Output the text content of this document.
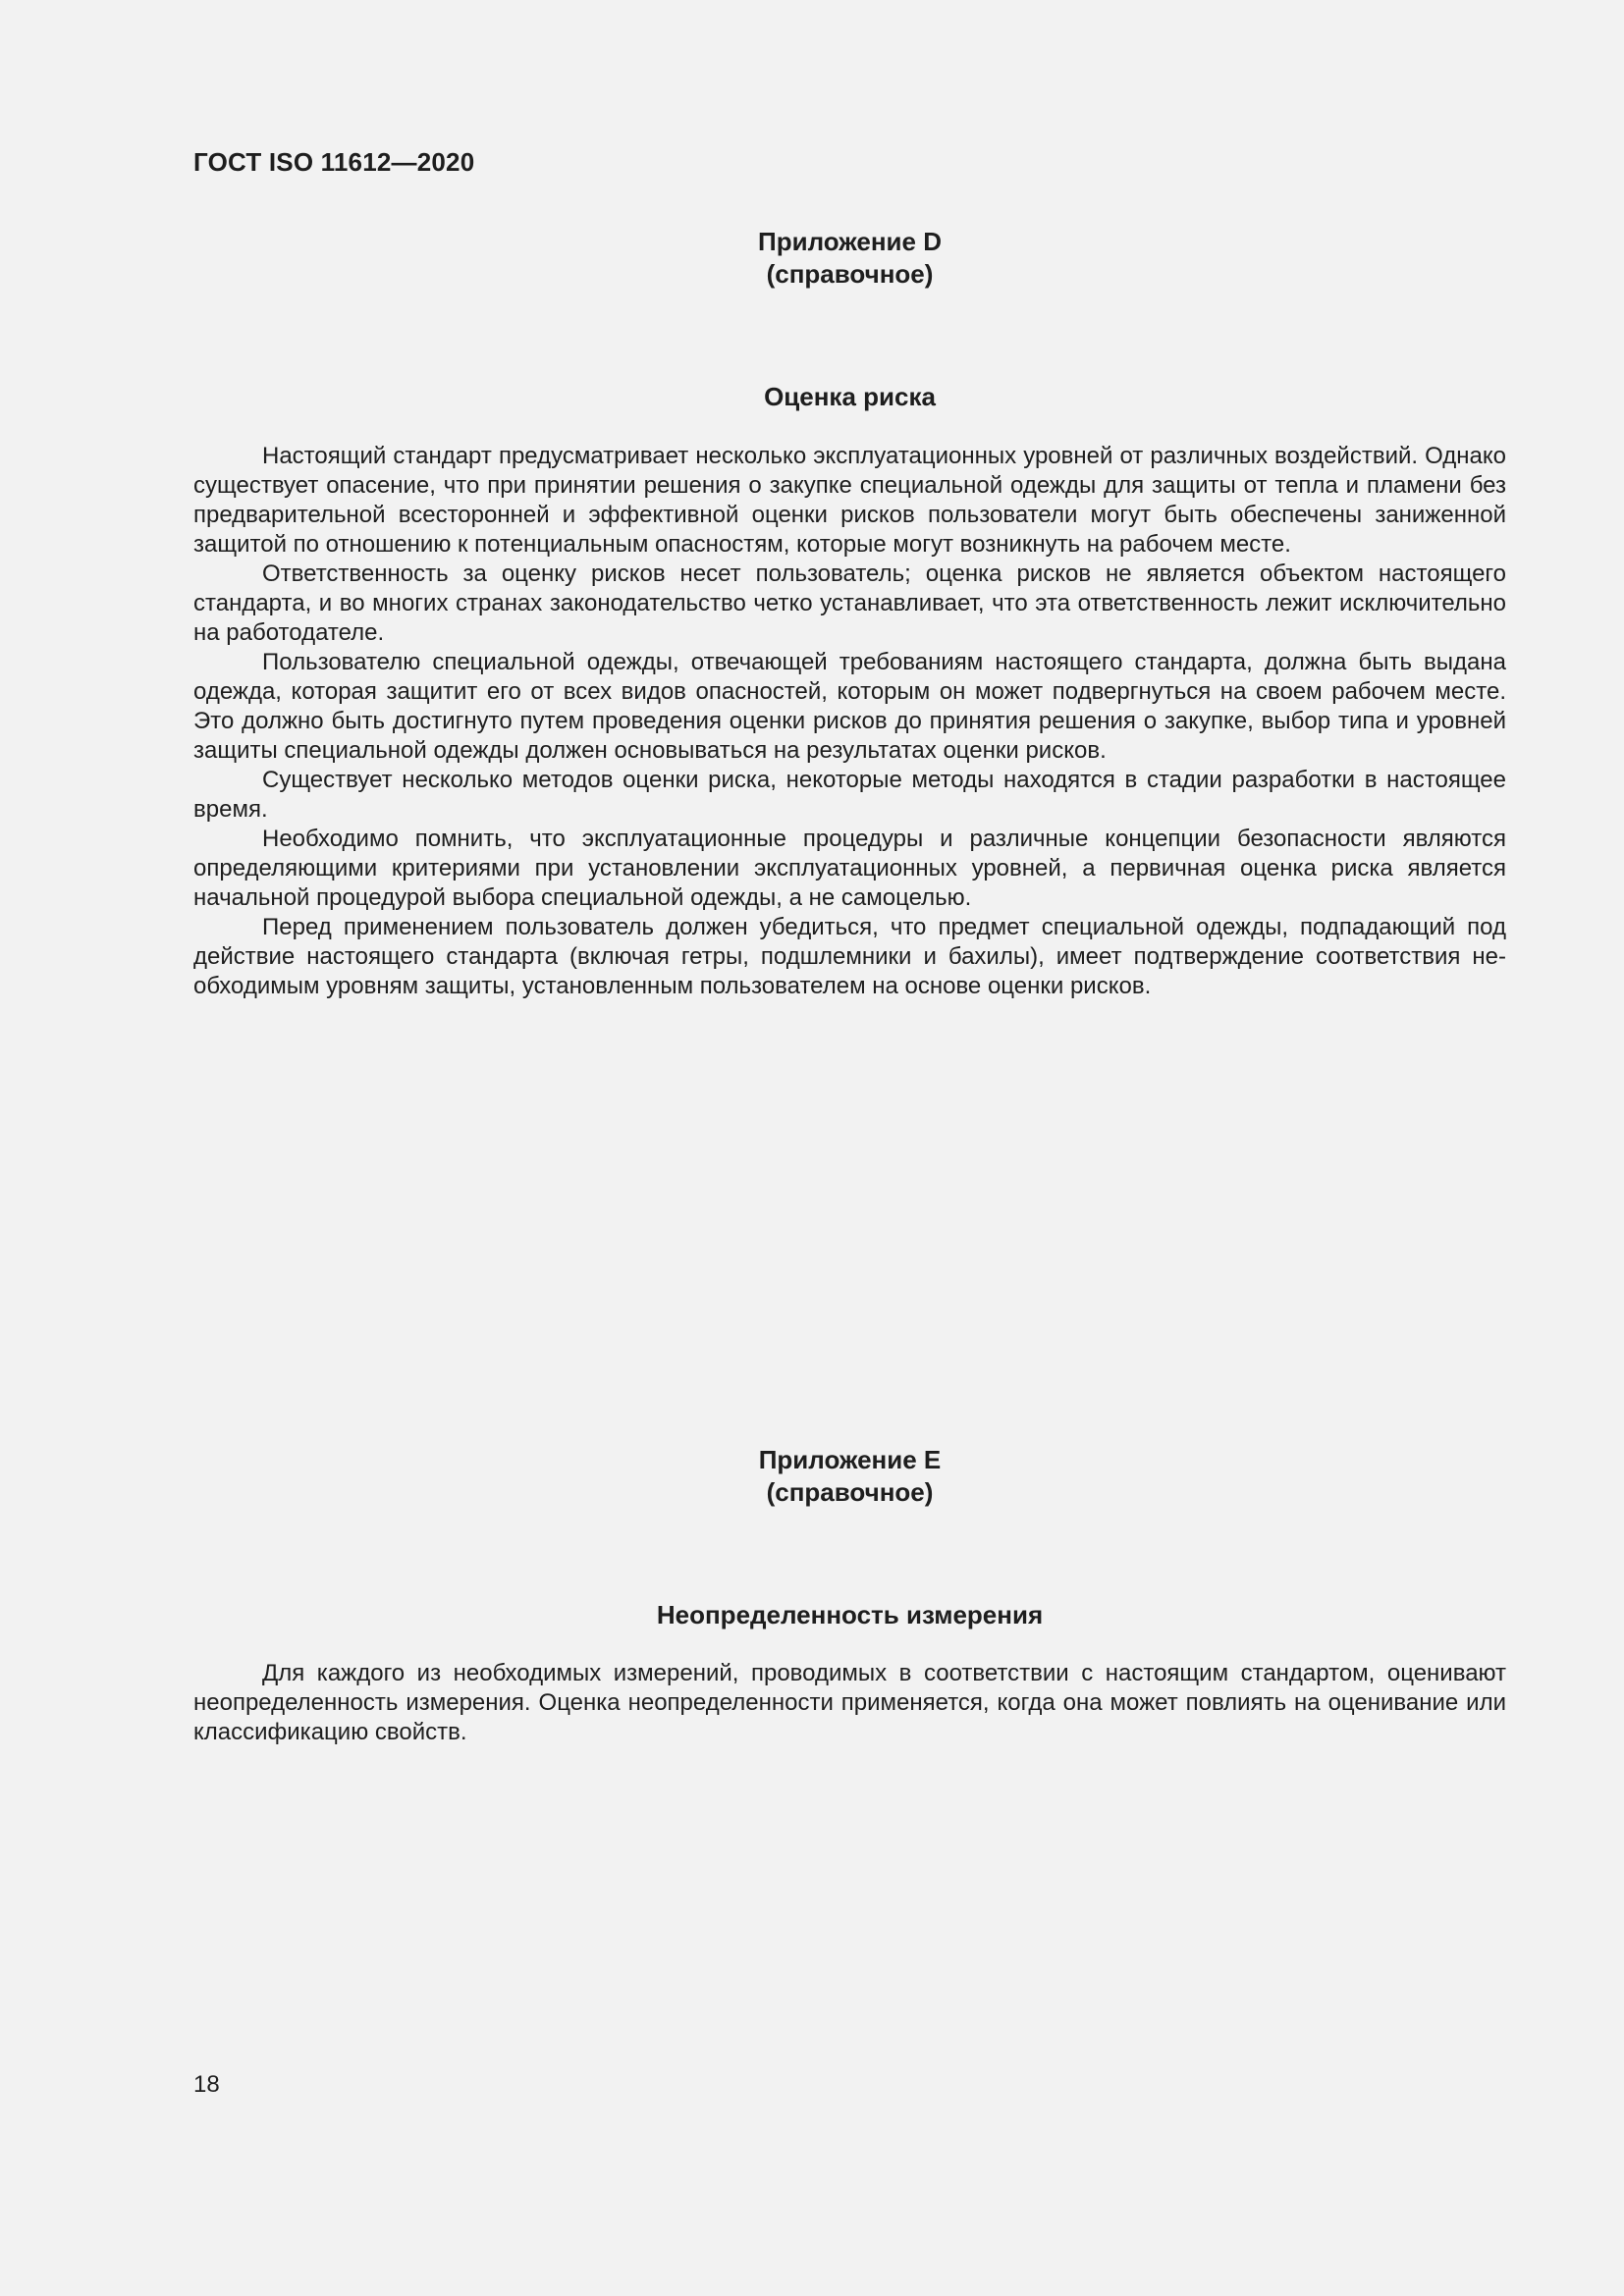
ГОСТ ISO 11612—2020
Приложение D
(справочное)
Оценка риска

Настоящий стандарт предусматривает несколько эксплуатационных уровней от различных воздействий. Однако существует опасение, что при принятии решения о закупке специальной одежды для защиты от тепла и пламени без предварительной всесторонней и эффективной оценки рисков пользователи могут быть обеспечены заниженной защитой по отношению к потенциальным опасностям, которые могут возникнуть на рабочем месте.

Ответственность за оценку рисков несет пользователь; оценка рисков не является объектом настоящего стандарта, и во многих странах законодательство четко устанавливает, что эта ответственность лежит исключительно на работодателе.

Пользователю специальной одежды, отвечающей требованиям настоящего стандарта, должна быть выдана одежда, которая защитит его от всех видов опасностей, которым он может подвергнуться на своем рабочем месте. Это должно быть достигнуто путем проведения оценки рисков до принятия решения о закупке, выбор типа и уровней защиты специальной одежды должен основываться на результатах оценки рисков.

Существует несколько методов оценки риска, некоторые методы находятся в стадии разработки в настоящее время.

Необходимо помнить, что эксплуатационные процедуры и различные концепции безопасности являются определяющими критериями при установлении эксплуатационных уровней, а первичная оценка риска является начальной процедурой выбора специальной одежды, а не самоцелью.

Перед применением пользователь должен убедиться, что предмет специальной одежды, подпадающий под действие настоящего стандарта (включая гетры, подшлемники и бахилы), имеет подтверждение соответствия необходимым уровням защиты, установленным пользователем на основе оценки рисков.

Приложение E
(справочное)
Неопределенность измерения

Для каждого из необходимых измерений, проводимых в соответствии с настоящим стандартом, оценивают неопределенность измерения. Оценка неопределенности применяется, когда она может повлиять на оценивание или классификацию свойств.

18
